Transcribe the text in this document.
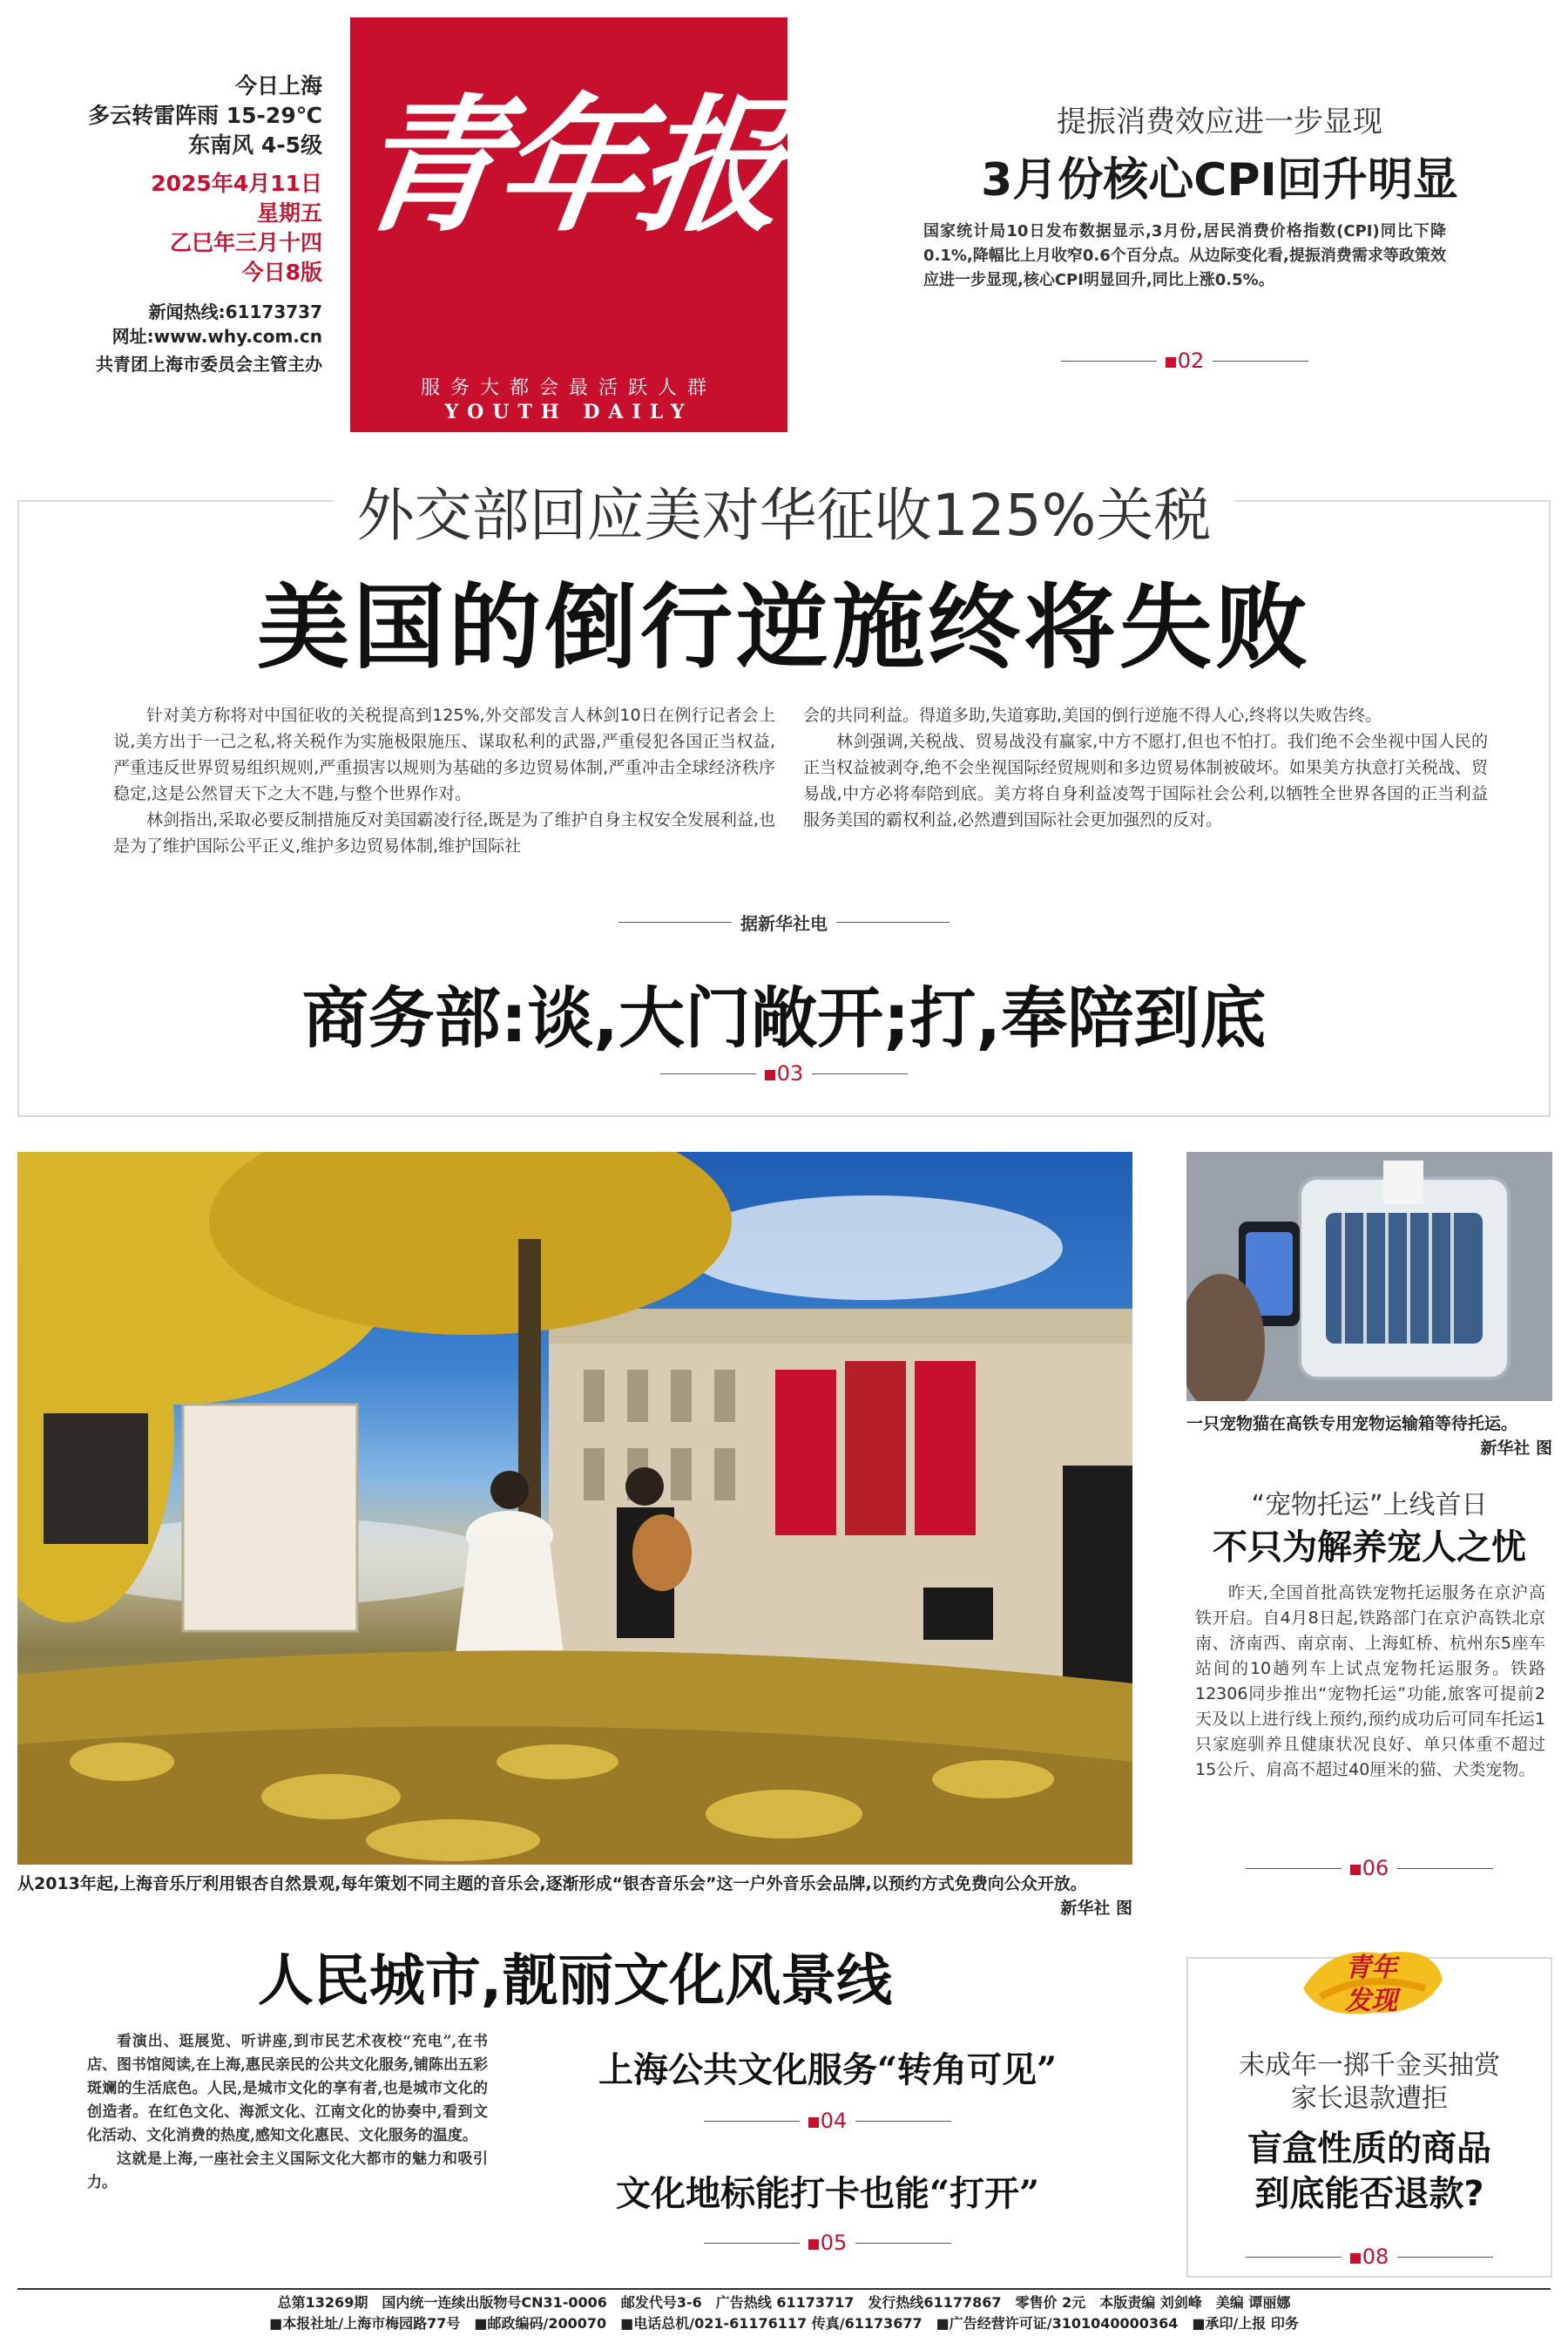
今日上海
多云转雷阵雨 15-29℃
东南风 4-5级
2025年4月11日
星期五
乙巳年三月十四
今日8版
新闻热线:61173737
网址:www.why.com.cn
共青团上海市委员会主管主办
青年报
服务大都会最活跃人群
YOUTH DAILY
提振消费效应进一步显现
3月份核心CPI回升明显
国家统计局10日发布数据显示,3月份,居民消费价格指数(CPI)同比下降0.1%,降幅比上月收窄0.6个百分点。从边际变化看,提振消费需求等政策效应进一步显现,核心CPI明显回升,同比上涨0.5%。
02
外交部回应美对华征收125%关税
美国的倒行逆施终将失败

针对美方称将对中国征收的关税提高到125%,外交部发言人林剑10日在例行记者会上说,美方出于一己之私,将关税作为实施极限施压、谋取私利的武器,严重侵犯各国正当权益,严重违反世界贸易组织规则,严重损害以规则为基础的多边贸易体制,严重冲击全球经济秩序稳定,这是公然冒天下之大不韪,与整个世界作对。

林剑指出,采取必要反制措施反对美国霸凌行径,既是为了维护自身主权安全发展利益,也是为了维护国际公平正义,维护多边贸易体制,维护国际社

会的共同利益。得道多助,失道寡助,美国的倒行逆施不得人心,终将以失败告终。

林剑强调,关税战、贸易战没有赢家,中方不愿打,但也不怕打。我们绝不会坐视中国人民的正当权益被剥夺,绝不会坐视国际经贸规则和多边贸易体制被破坏。如果美方执意打关税战、贸易战,中方必将奉陪到底。美方将自身利益凌驾于国际社会公利,以牺牲全世界各国的正当利益服务美国的霸权利益,必然遭到国际社会更加强烈的反对。

据新华社电
商务部:谈,大门敞开;打,奉陪到底
03
从2013年起,上海音乐厅利用银杏自然景观,每年策划不同主题的音乐会,逐渐形成“银杏音乐会”这一户外音乐会品牌,以预约方式免费向公众开放。
新华社 图
人民城市,靓丽文化风景线

看演出、逛展览、听讲座,到市民艺术夜校“充电”,在书店、图书馆阅读,在上海,惠民亲民的公共文化服务,铺陈出五彩斑斓的生活底色。人民,是城市文化的享有者,也是城市文化的创造者。在红色文化、海派文化、江南文化的协奏中,看到文化活动、文化消费的热度,感知文化惠民、文化服务的温度。

这就是上海,一座社会主义国际文化大都市的魅力和吸引力。

上海公共文化服务“转角可见”
04
文化地标能打卡也能“打开”
05
一只宠物猫在高铁专用宠物运输箱等待托运。
新华社 图
“宠物托运”上线首日
不只为解养宠人之忧

昨天,全国首批高铁宠物托运服务在京沪高铁开启。自4月8日起,铁路部门在京沪高铁北京南、济南西、南京南、上海虹桥、杭州东5座车站间的10趟列车上试点宠物托运服务。铁路12306同步推出“宠物托运”功能,旅客可提前2天及以上进行线上预约,预约成功后可同车托运1只家庭驯养且健康状况良好、单只体重不超过15公斤、肩高不超过40厘米的猫、犬类宠物。

06
青年
发现
未成年一掷千金买抽赏
家长退款遭拒
盲盒性质的商品
到底能否退款?
08
总第13269期　国内统一连续出版物号CN31-0006　邮发代号3-6　广告热线 61173717　发行热线61177867　零售价 2元　本版责编 刘剑峰　美编 谭丽娜
■本报社址/上海市梅园路77号　■邮政编码/200070　■电话总机/021-61176117 传真/61173677　■广告经营许可证/3101040000364　■承印/上报 印务
